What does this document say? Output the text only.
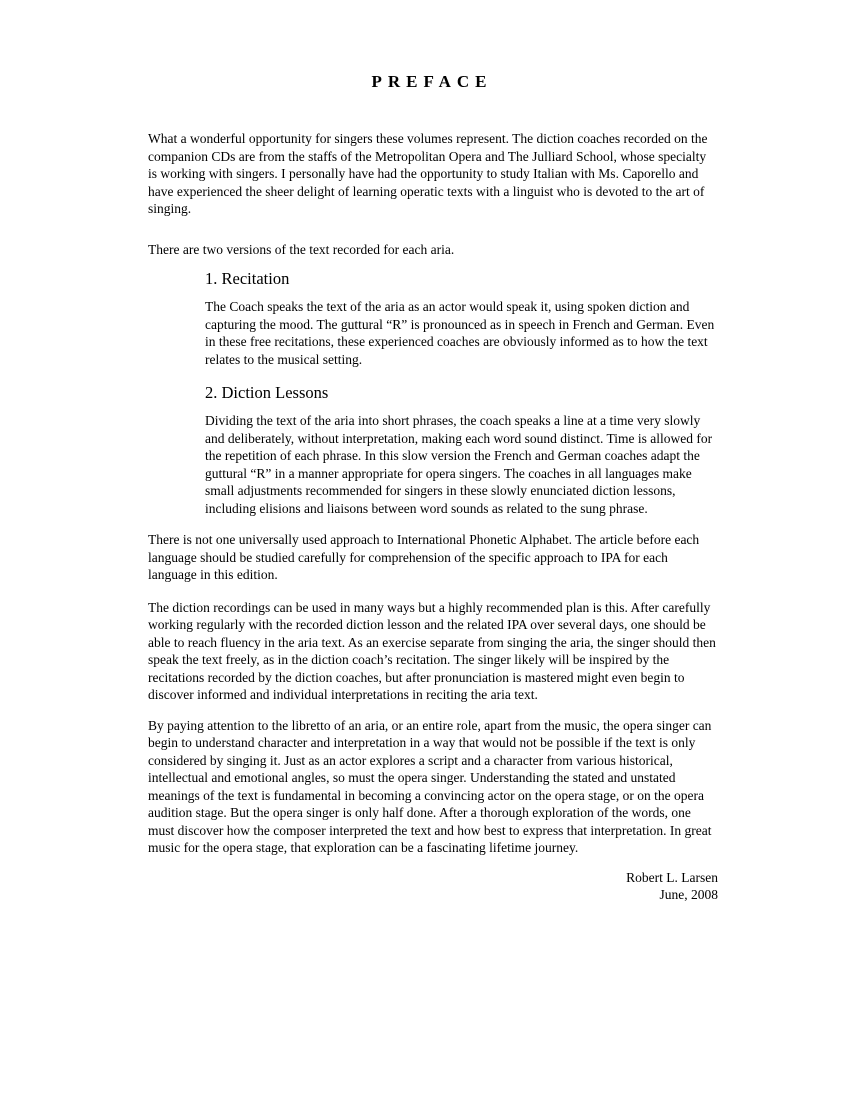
PREFACE

What a wonderful opportunity for singers these volumes represent. The diction coaches recorded on the companion CDs are from the staffs of the Metropolitan Opera and The Julliard School, whose specialty is working with singers. I personally have had the opportunity to study Italian with Ms. Caporello and have experienced the sheer delight of learning operatic texts with a linguist who is devoted to the art of singing.

There are two versions of the text recorded for each aria.

1. Recitation

The Coach speaks the text of the aria as an actor would speak it, using spoken diction and capturing the mood. The guttural “R” is pronounced as in speech in French and German. Even in these free recitations, these experienced coaches are obviously informed as to how the text relates to the musical setting.

2. Diction Lessons

Dividing the text of the aria into short phrases, the coach speaks a line at a time very slowly and deliberately, without interpretation, making each word sound distinct. Time is allowed for the repetition of each phrase. In this slow version the French and German coaches adapt the guttural “R” in a manner appropriate for opera singers. The coaches in all languages make small adjustments recommended for singers in these slowly enunciated diction lessons, including elisions and liaisons between word sounds as related to the sung phrase.

There is not one universally used approach to International Phonetic Alphabet. The article before each language should be studied carefully for comprehension of the specific approach to IPA for each language in this edition.

The diction recordings can be used in many ways but a highly recommended plan is this. After carefully working regularly with the recorded diction lesson and the related IPA over several days, one should be able to reach fluency in the aria text. As an exercise separate from singing the aria, the singer should then speak the text freely, as in the diction coach’s recitation. The singer likely will be inspired by the recitations recorded by the diction coaches, but after pronunciation is mastered might even begin to discover informed and individual interpretations in reciting the aria text.

By paying attention to the libretto of an aria, or an entire role, apart from the music, the opera singer can begin to understand character and interpretation in a way that would not be possible if the text is only considered by singing it. Just as an actor explores a script and a character from various historical, intellectual and emotional angles, so must the opera singer. Understanding the stated and unstated meanings of the text is fundamental in becoming a convincing actor on the opera stage, or on the opera audition stage. But the opera singer is only half done. After a thorough exploration of the words, one must discover how the composer interpreted the text and how best to express that interpretation. In great music for the opera stage, that exploration can be a fascinating lifetime journey.

Robert L. Larsen
June, 2008
